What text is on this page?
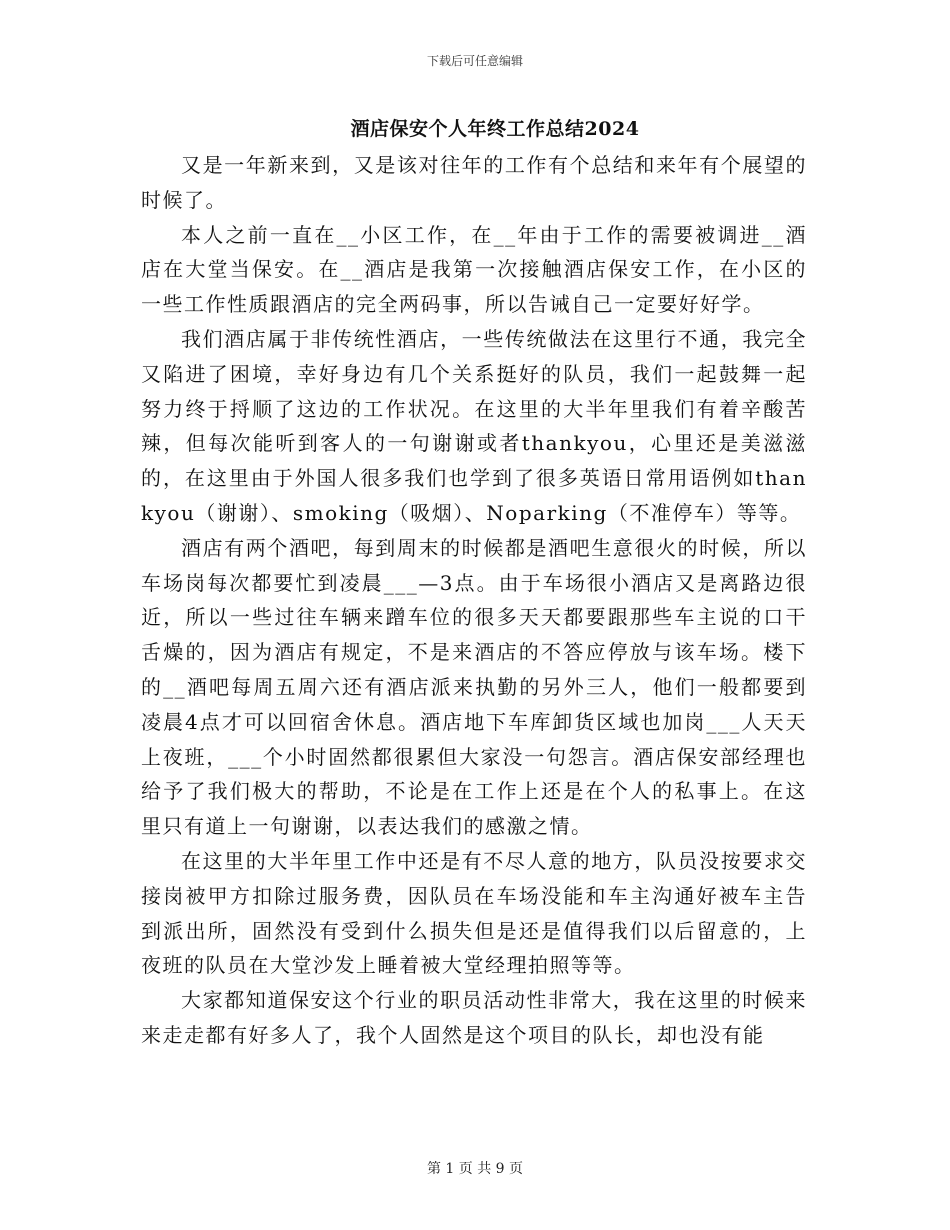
下载后可任意编辑
酒店保安个人年终工作总结2024

又是一年新来到，又是该对往年的工作有个总结和来年有个展望的时候了。

本人之前一直在__小区工作，在__年由于工作的需要被调进__酒店在大堂当保安。在__酒店是我第一次接触酒店保安工作，在小区的一些工作性质跟酒店的完全两码事，所以告诫自己一定要好好学。

我们酒店属于非传统性酒店，一些传统做法在这里行不通，我完全又陷进了困境，幸好身边有几个关系挺好的队员，我们一起鼓舞一起努力终于捋顺了这边的工作状况。在这里的大半年里我们有着辛酸苦辣，但每次能听到客人的一句谢谢或者thankyou，心里还是美滋滋的，在这里由于外国人很多我们也学到了很多英语日常用语例如thankyou（谢谢）、smoking（吸烟）、Noparking（不准停车）等等。

酒店有两个酒吧，每到周末的时候都是酒吧生意很火的时候，所以车场岗每次都要忙到凌晨___—3点。由于车场很小酒店又是离路边很近，所以一些过往车辆来蹭车位的很多天天都要跟那些车主说的口干舌燥的，因为酒店有规定，不是来酒店的不答应停放与该车场。楼下的__酒吧每周五周六还有酒店派来执勤的另外三人，他们一般都要到凌晨4点才可以回宿舍休息。酒店地下车库卸货区域也加岗___人天天上夜班，___个小时固然都很累但大家没一句怨言。酒店保安部经理也给予了我们极大的帮助，不论是在工作上还是在个人的私事上。在这里只有道上一句谢谢，以表达我们的感激之情。

在这里的大半年里工作中还是有不尽人意的地方，队员没按要求交接岗被甲方扣除过服务费，因队员在车场没能和车主沟通好被车主告到派出所，固然没有受到什么损失但是还是值得我们以后留意的，上夜班的队员在大堂沙发上睡着被大堂经理拍照等等。

大家都知道保安这个行业的职员活动性非常大，我在这里的时候来来走走都有好多人了，我个人固然是这个项目的队长，却也没有能

第 1 页 共 9 页
